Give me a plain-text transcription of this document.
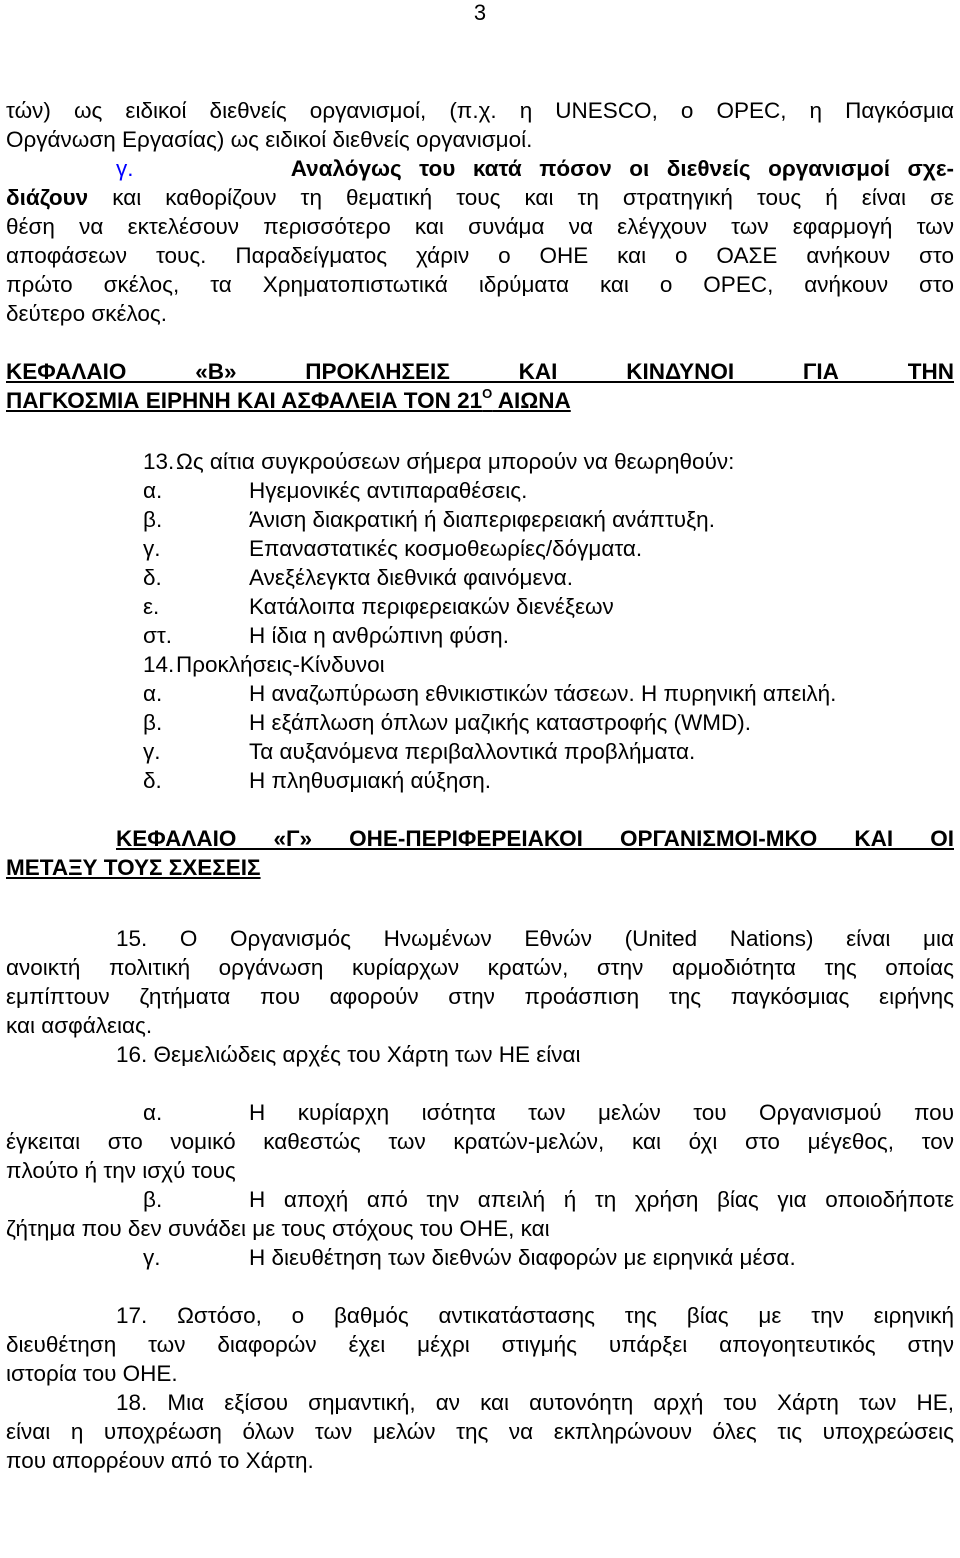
3
τών) ως ειδικοί διεθνείς οργανισμοί, (π.χ. η UNESCO, ο OPEC, η Παγκόσμια
Οργάνωση Εργασίας) ως ειδικοί διεθνείς οργανισμοί.
γ.	Αναλόγως του κατά πόσον οι διεθνείς οργανισμοί σχε-
διάζουν και καθορίζουν τη θεματική τους και τη στρατηγική τους ή είναι σε
θέση να εκτελέσουν περισσότερο και συνάμα να ελέγχουν των εφαρμογή των
αποφάσεων τους. Παραδείγματος χάριν ο ΟΗΕ και ο ΟΑΣΕ ανήκουν στο
πρώτο σκέλος, τα Χρηματοπιστωτικά ιδρύματα και ο OPEC, ανήκουν στο
δεύτερο σκέλος.
ΚΕΦΑΛΑΙΟ «Β» ΠΡΟΚΛΗΣΕΙΣ ΚΑΙ ΚΙΝΔΥΝΟΙ ΓΙΑ ΤΗΝ
ΠΑΓΚΟΣΜΙΑ ΕΙΡΗΝΗ ΚΑΙ ΑΣΦΑΛΕΙΑ ΤΟΝ $21^O$ ΑΙΩΝΑ
13. Ως αίτια συγκρούσεων σήμερα μπορούν να θεωρηθούν:
α.	Ηγεμονικές αντιπαραθέσεις.
β.	Άνιση διακρατική ή διαπεριφερειακή ανάπτυξη.
γ.	Επαναστατικές κοσμοθεωρίες/δόγματα.
δ.	Ανεξέλεγκτα διεθνικά φαινόμενα.
ε.	Κατάλοιπα περιφερειακών διενέξεων
στ.	Η ίδια η ανθρώπινη φύση.
14. Προκλήσεις-Κίνδυνοι
α.	Η αναζωπύρωση εθνικιστικών τάσεων. Η πυρηνική απειλή.
β.	Η εξάπλωση όπλων μαζικής καταστροφής (WMD).
γ.	Τα αυξανόμενα περιβαλλοντικά προβλήματα.
δ.	Η πληθυσμιακή αύξηση.
ΚΕΦΑΛΑΙΟ «Γ» ΟΗΕ-ΠΕΡΙΦΕΡΕΙΑΚΟΙ ΟΡΓΑΝΙΣΜΟΙ-ΜΚΟ ΚΑΙ ΟΙ
ΜΕΤΑΞΥ ΤΟΥΣ ΣΧΕΣΕΙΣ
15. Ο Οργανισμός Ηνωμένων Εθνών (United Nations) είναι μια
ανοικτή πολιτική οργάνωση κυρίαρχων κρατών, στην αρμοδιότητα της οποίας
εμπίπτουν ζητήματα που αφορούν στην προάσπιση της παγκόσμιας ειρήνης
και ασφάλειας.
16. Θεμελιώδεις αρχές του Χάρτη των ΗΕ είναι
α.	Η κυρίαρχη ισότητα των μελών του Οργανισμού που
έγκειται στο νομικό καθεστώς των κρατών-μελών, και όχι στο μέγεθος, τον
πλούτο ή την ισχύ τους
β.	Η αποχή από την απειλή ή τη χρήση βίας για οποιοδήποτε
ζήτημα που δεν συνάδει με τους στόχους του ΟΗΕ, και
γ.	Η διευθέτηση των διεθνών διαφορών με ειρηνικά μέσα.
17. Ωστόσο, ο βαθμός αντικατάστασης της βίας με την ειρηνική
διευθέτηση των διαφορών έχει μέχρι στιγμής υπάρξει απογοητευτικός στην
ιστορία του ΟΗΕ.
18. Μια εξίσου σημαντική, αν και αυτονόητη αρχή του Χάρτη των ΗΕ,
είναι η υποχρέωση όλων των μελών της να εκπληρώνουν όλες τις υποχρεώσεις
που απορρέουν από το Χάρτη.
